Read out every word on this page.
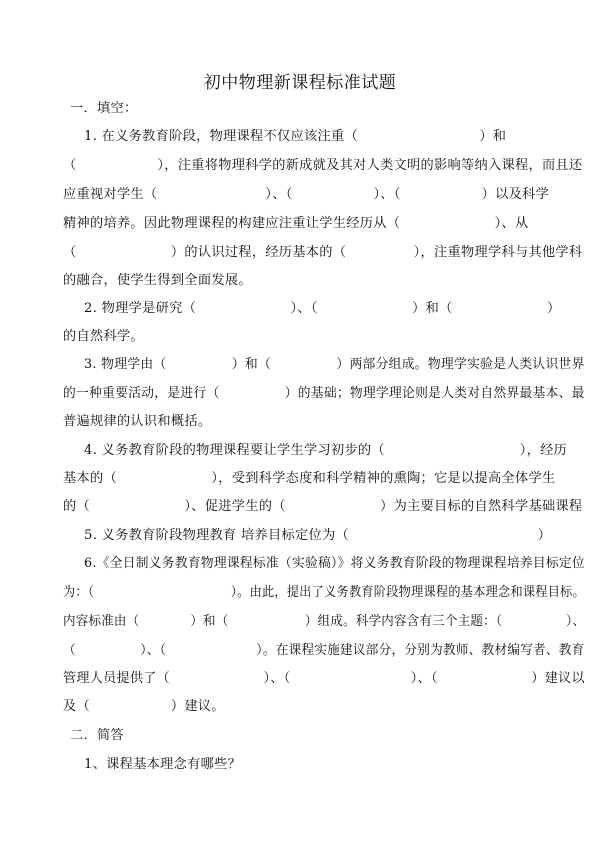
初中物理新课程标准试题
一．填空：
1. 在义务教育阶段，物理课程不仅应该注重（　　　　　　　　　）和
（　　　　　　），注重将物理科学的新成就及其对人类文明的影响等纳入课程，而且还
应重视对学生（　　　　　　　　）、（　　　　　　）、（　　　　　　）以及科学
精神的培养。因此物理课程的构建应注重让学生经历从（　　　　　　　）、从
（　　　　　　　）的认识过程，经历基本的（　　　　　），注重物理学科与其他学科
的融合，使学生得到全面发展。
2. 物理学是研究（　　　　　　　）、（　　　　　　　）和（　　　　　　　）
的自然科学。
3. 物理学由（　　　　　）和（　　　　　）两部分组成。物理学实验是人类认识世界
的一种重要活动，是进行（　　　　　）的基础；物理学理论则是人类对自然界最基本、最
普遍规律的认识和概括。
4. 义务教育阶段的物理课程要让学生学习初步的（　　　　　　　　　　），经历
基本的（　　　　　　　），受到科学态度和科学精神的熏陶；它是以提高全体学生
的（　　　　　　　）、促进学生的（　　　　　　　）为主要目标的自然科学基础课程
5. 义务教育阶段物理教育 培养目标定位为（　　　　　　　　　　　　　　）
6.《全日制义务教育物理课程标准（实验稿）》将义务教育阶段的物理课程培养目标定位
为：（　　　　　　　　　　　）。由此，提出了义务教育阶段物理课程的基本理念和课程目标。
内容标准由（　　　　）和（　　　　　　）组成。科学内容含有三个主题：（　　　　　）、
（　　　　　）、（　　　　　　　）。在课程实施建议部分，分别为教师、教材编写者、教育
管理人员提供了（　　　　　　　）、（　　　　　　　　　）、（　　　　　　　）建议以
及（　　　　　　）建议。
二．简答
1、课程基本理念有哪些？
